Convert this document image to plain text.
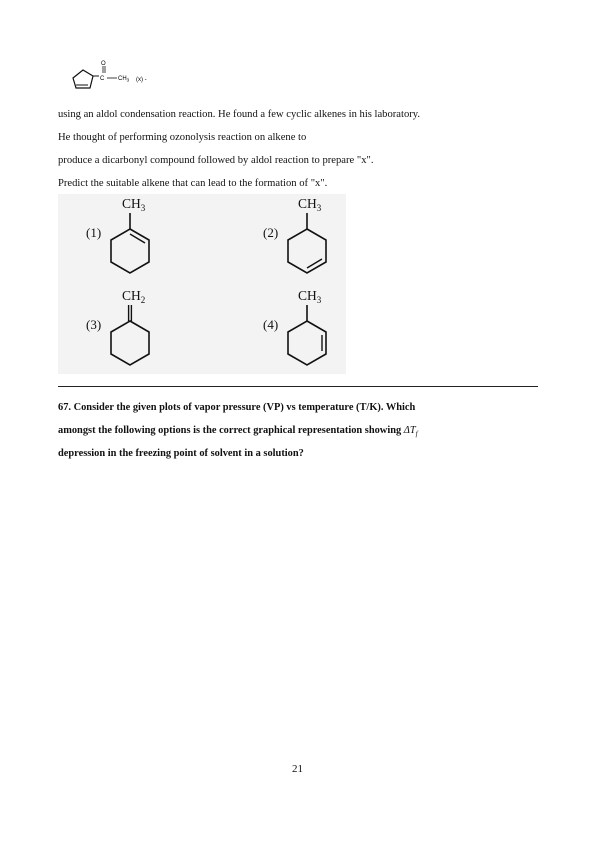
O
C $CH_3$ (x) -
using an aldol condensation reaction. He found a few cyclic alkenes in his laboratory.
He thought of performing ozonolysis reaction on alkene to
produce a dicarbonyl compound followed by aldol reaction to prepare "x".
Predict the suitable alkene that can lead to the formation of "x".
$CH_3$
(1)
$CH_3$
(2)
$CH_2$
(3)
$CH_3$
(4)
67. Consider the given plots of vapor pressure (VP) vs temperature (T/K). Which
amongst the following options is the correct graphical representation showing $\Delta T_f$
depression in the freezing point of solvent in a solution?
21
